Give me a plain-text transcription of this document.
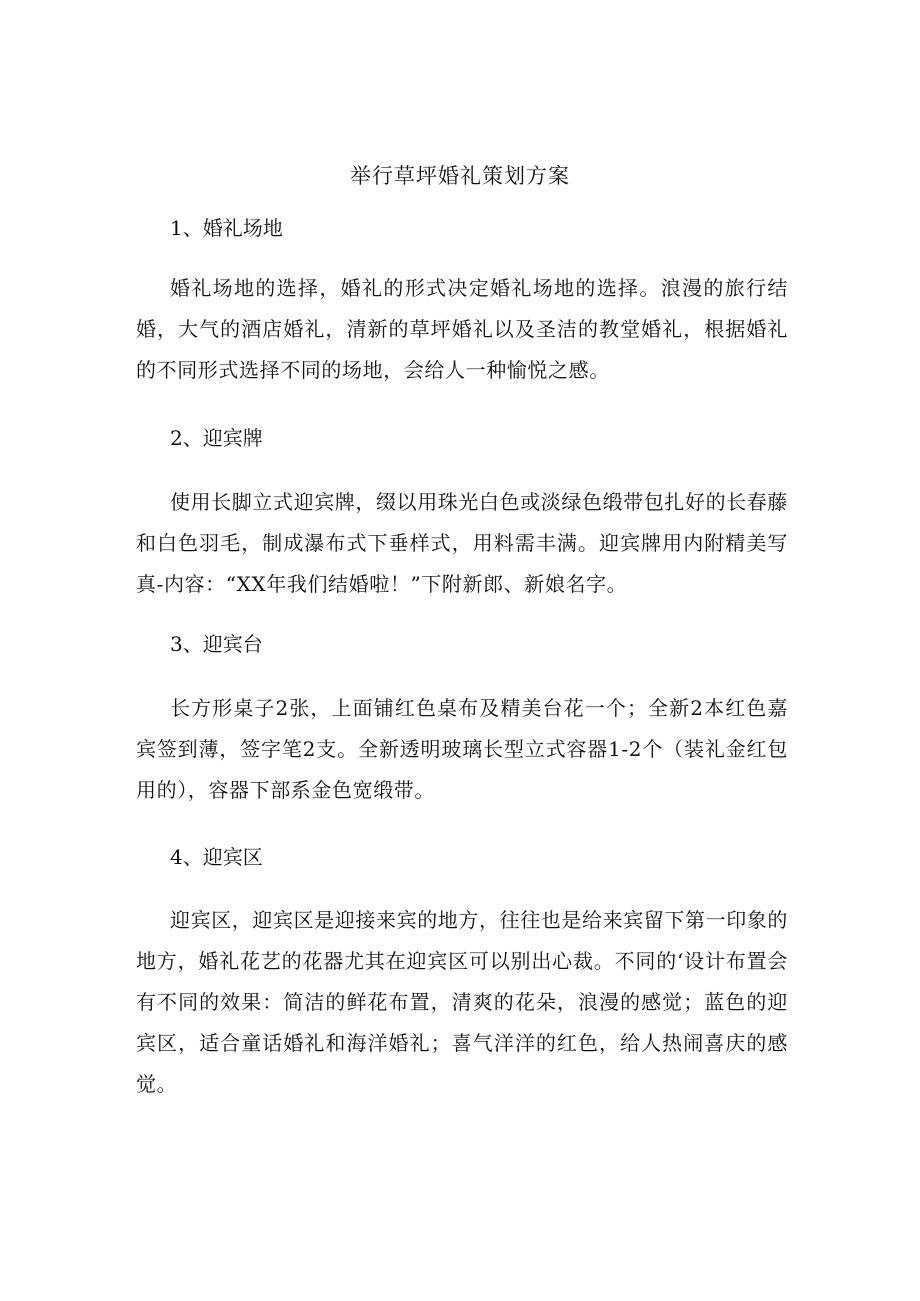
举行草坪婚礼策划方案
1、婚礼场地
婚礼场地的选择，婚礼的形式决定婚礼场地的选择。浪漫的旅行结婚，大气的酒店婚礼，清新的草坪婚礼以及圣洁的教堂婚礼，根据婚礼的不同形式选择不同的场地，会给人一种愉悦之感。
2、迎宾牌
使用长脚立式迎宾牌，缀以用珠光白色或淡绿色缎带包扎好的长春藤和白色羽毛，制成瀑布式下垂样式，用料需丰满。迎宾牌用内附精美写真-内容：“XX年我们结婚啦！”下附新郎、新娘名字。
3、迎宾台
长方形桌子2张，上面铺红色桌布及精美台花一个；全新2本红色嘉宾签到薄，签字笔2支。全新透明玻璃长型立式容器1-2个（装礼金红包用的），容器下部系金色宽缎带。
4、迎宾区
迎宾区，迎宾区是迎接来宾的地方，往往也是给来宾留下第一印象的地方，婚礼花艺的花器尤其在迎宾区可以别出心裁。不同的‘设计布置会有不同的效果：简洁的鲜花布置，清爽的花朵，浪漫的感觉；蓝色的迎宾区，适合童话婚礼和海洋婚礼；喜气洋洋的红色，给人热闹喜庆的感觉。
